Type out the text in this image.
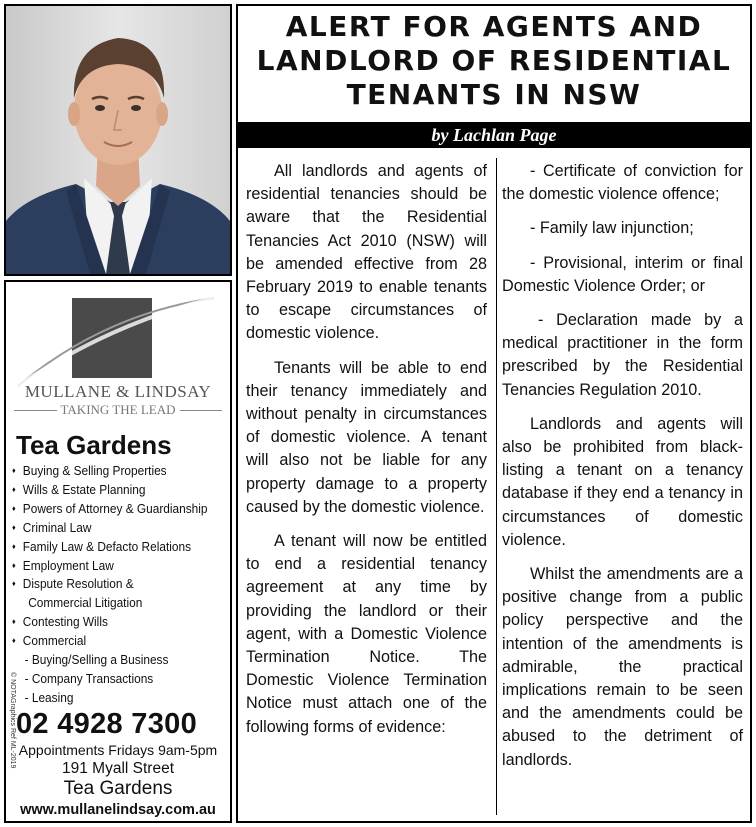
MULLANE & LINDSAY
TAKING THE LEAD
Tea Gardens
♦ Buying & Selling Properties
♦ Wills & Estate Planning
♦ Powers of Attorney & Guardianship
♦ Criminal Law
♦ Family Law & Defacto Relations
♦ Employment Law
♦ Dispute Resolution &
Commercial Litigation
♦ Contesting Wills
♦ Commercial
- Buying/Selling a Business
- Company Transactions
- Leasing
© NOTAGraphics Ref ML-2019 02 4928 7300
Appointments Fridays 9am-5pm
191 Myall Street
Tea Gardens
www.mullanelindsay.com.au
ALERT FOR AGENTS AND LANDLORD OF RESIDENTIAL TENANTS IN NSW
by Lachlan Page

All landlords and agents of residential tenancies should be aware that the Residential Tenancies Act 2010 (NSW) will be amended effective from 28 February 2019 to enable tenants to escape circumstances of domestic violence.

Tenants will be able to end their tenancy immediately and without penalty in circumstances of domestic violence. A tenant will also not be liable for any property damage to a property caused by the domestic violence.

A tenant will now be entitled to end a residential tenancy agreement at any time by providing the landlord or their agent, with a Domestic Violence Termination Notice. The Domestic Violence Termination Notice must attach one of the following forms of evidence:

- Certificate of conviction for the domestic violence offence;

- Family law injunction;

- Provisional, interim or final Domestic Violence Order; or

- Declaration made by a medical practitioner in the form prescribed by the Residential Tenancies Regulation 2010.

Landlords and agents will also be prohibited from black-listing a tenant on a tenancy database if they end a tenancy in circumstances of domestic violence.

Whilst the amendments are a positive change from a public policy perspective and the intention of the amendments is admirable, the practical implications remain to be seen and the amendments could be abused to the detriment of landlords.
